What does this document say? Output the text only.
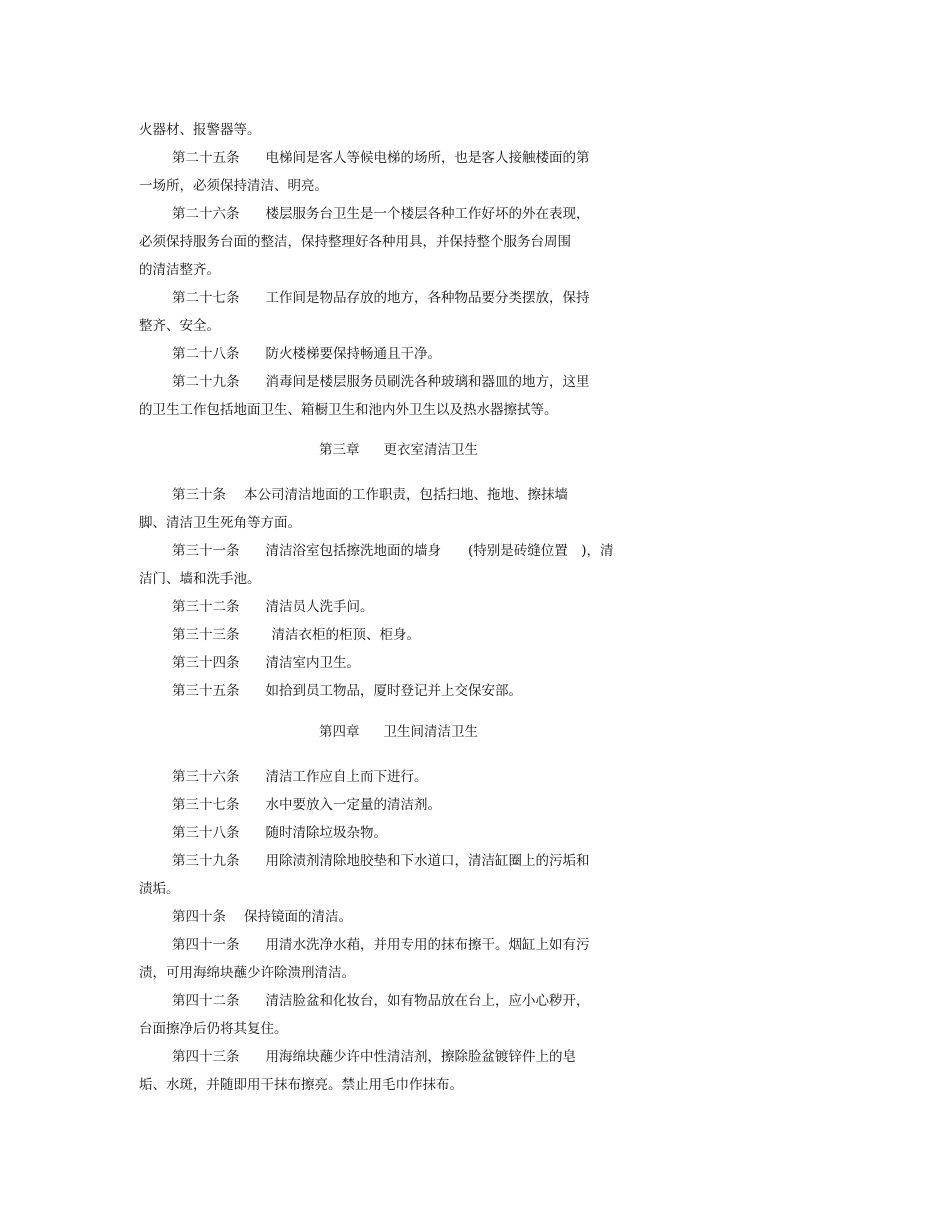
火器材、报警器等。
第二十五条 电梯间是客人等候电梯的场所，也是客人接触楼面的第
一场所，必须保持清洁、明亮。
第二十六条 楼层服务台卫生是一个楼层各种工作好坏的外在表现，
必须保持服务台面的整洁，保持整理好各种用具，并保持整个服务台周围
的清洁整齐。
第二十七条 工作间是物品存放的地方，各种物品要分类摆放，保持
整齐、安全。
第二十八条 防火楼梯要保持畅通且干净。
第二十九条 消毒间是楼层服务员刷洗各种玻璃和器皿的地方，这里
的卫生工作包括地面卫生、箱橱卫生和池内外卫生以及热水器擦拭等。
第三章 更衣室清洁卫生
第三十条 本公司清洁地面的工作职责，包括扫地、拖地、擦抹墙
脚、清洁卫生死角等方面。
第三十一条 清洁浴室包括擦洗地面的墙身　　(特别是砖缝位置　)，清
洁门、墙和洗手池。
第三十二条 清洁员人洗手问。
第三十三条 清洁衣柜的柜顶、柜身。
第三十四条 清洁室内卫生。
第三十五条 如拾到员工物品，厦时登记并上交保安部。
第四章 卫生间清洁卫生
第三十六条 清洁工作应自上而下进行。
第三十七条 水中要放入一定量的清洁剂。
第三十八条 随时清除垃圾杂物。
第三十九条 用除渍剂清除地胶垫和下水道口，清洁缸圈上的污垢和
渍垢。
第四十条 保持镜面的清洁。
第四十一条 用清水洗净水葙，并用专用的抹布擦干。烟缸上如有污
渍，可用海绵块蘸少许除溃刑清洁。
第四十二条 清洁脸盆和化妆台，如有物品放在台上，应小心秽开，
台面擦净后仍将其复住。
第四十三条 用海绵块蘸少许中性清洁剂，擦除脸盆镀锌件上的皂
垢、水斑，并随即用干抹布擦亮。禁止用毛巾作抹布。
